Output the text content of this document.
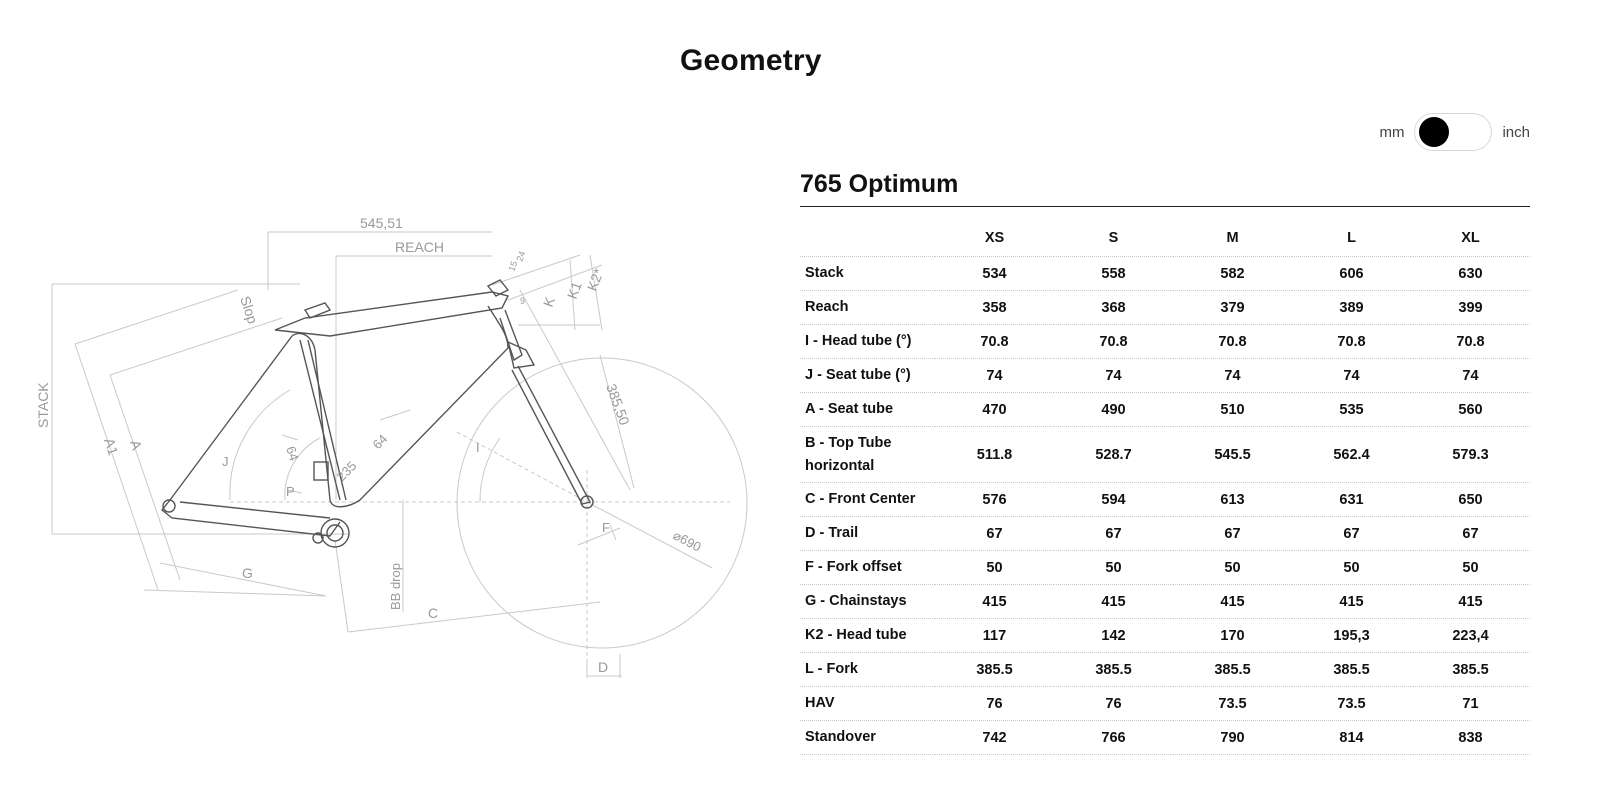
Geometry
mm	inch
545,51
REACH
STACK
Slop
A1 A
J	64
P
235
64
24
15
9 K
K1 K2*
385,50
I
F	⌀690
BB drop
G
C
D
765 Optimum
	XS	S	M	L	XL
Stack	534	558	582	606	630
Reach	358	368	379	389	399
I - Head tube (°)	70.8	70.8	70.8	70.8	70.8
J - Seat tube (°)	74	74	74	74	74
A - Seat tube	470	490	510	535	560
B - Top Tube horizontal	511.8	528.7	545.5	562.4	579.3
C - Front Center	576	594	613	631	650
D - Trail	67	67	67	67	67
F - Fork offset	50	50	50	50	50
G - Chainstays	415	415	415	415	415
K2 - Head tube	117	142	170	195,3	223,4
L - Fork	385.5	385.5	385.5	385.5	385.5
HAV	76	76	73.5	73.5	71
Standover	742	766	790	814	838
